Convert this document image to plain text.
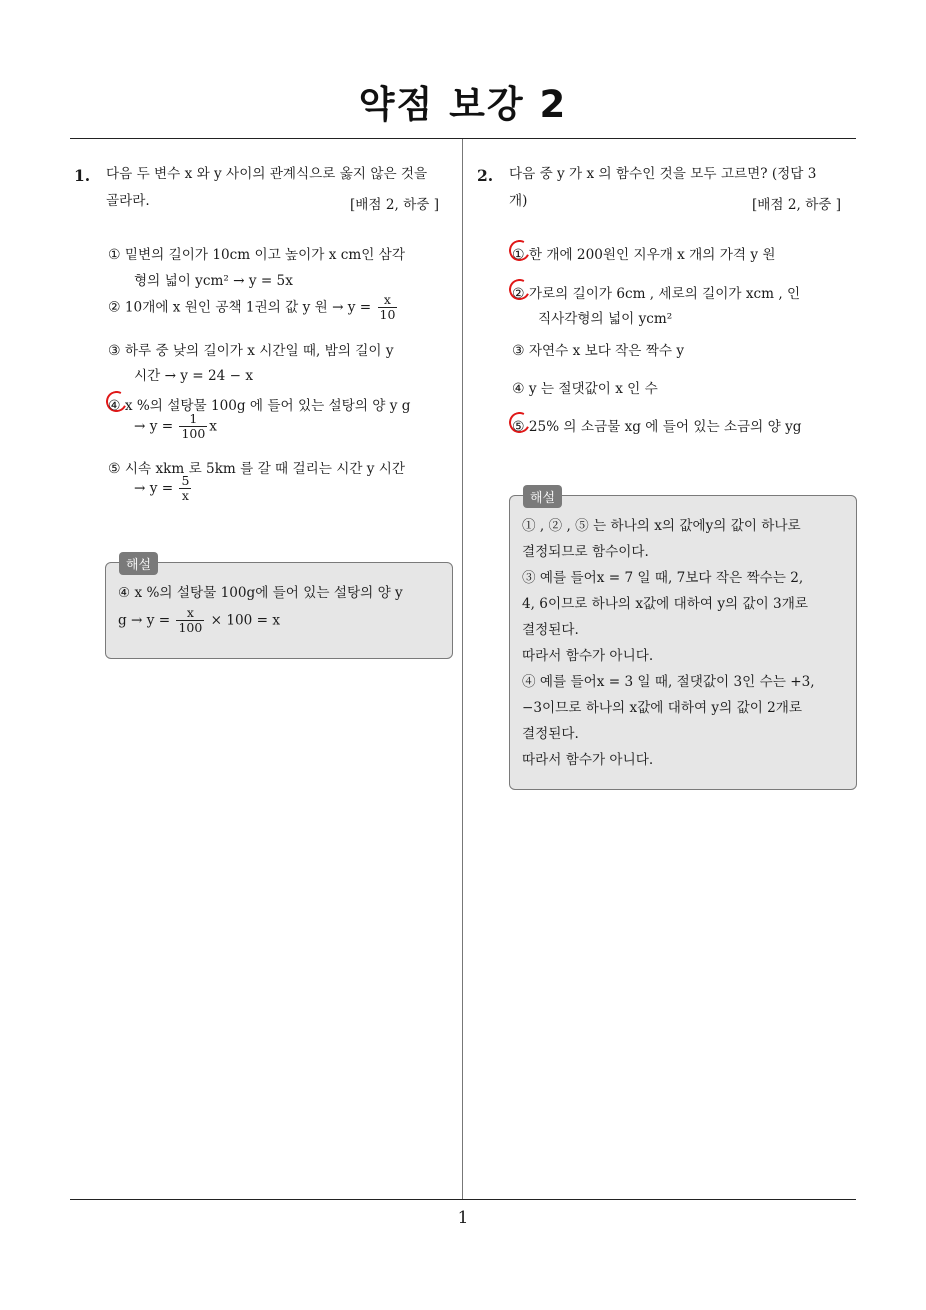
약점 보강 2
1
1. 다음 두 변수 x 와 y 사이의 관계식으로 옳지 않은 것을
골라라.	[배점 2, 하중 ]
① 밑변의 길이가 10cm 이고 높이가 x cm인 삼각
형의 넓이 ycm² → y = 5x
② 10개에 x 원인 공책 1권의 값 y 원 → $y = \frac{x}{10}$
③ 하루 중 낮의 길이가 x 시간일 때, 밤의 길이 y
시간 → y = 24 − x
④ x %의 설탕물 100g 에 들어 있는 설탕의 양 y g
→ $y = \frac{1}{100}$ x
⑤ 시속 xkm 로 5km 를 갈 때 걸리는 시간 y 시간
→ $y = \frac{5}{x}$
해설
④ x %의 설탕물 100g에 들어 있는 설탕의 양 y
$g \to y = \frac{x}{100} \times 100 = x$
2. 다음 중 y 가 x 의 함수인 것을 모두 고르면? (정답 3
개)	[배점 2, 하중 ]
① 한 개에 200원인 지우개 x 개의 가격 y 원
② 가로의 길이가 6cm , 세로의 길이가 xcm , 인
직사각형의 넓이 ycm²
③ 자연수 x 보다 작은 짝수 y
④ y 는 절댓값이 x 인 수
⑤ 25% 의 소금물 xg 에 들어 있는 소금의 양 yg
해설
① , ② , ⑤ 는 하나의 x의 값에y의 값이 하나로
결정되므로 함수이다.
③ 예를 들어x = 7 일 때, 7보다 작은 짝수는 2,
4, 6이므로 하나의 x값에 대하여 y의 값이 3개로
결정된다.
따라서 함수가 아니다.
④ 예를 들어x = 3 일 때, 절댓값이 3인 수는 +3,
−3이므로 하나의 x값에 대하여 y의 값이 2개로
결정된다.
따라서 함수가 아니다.
